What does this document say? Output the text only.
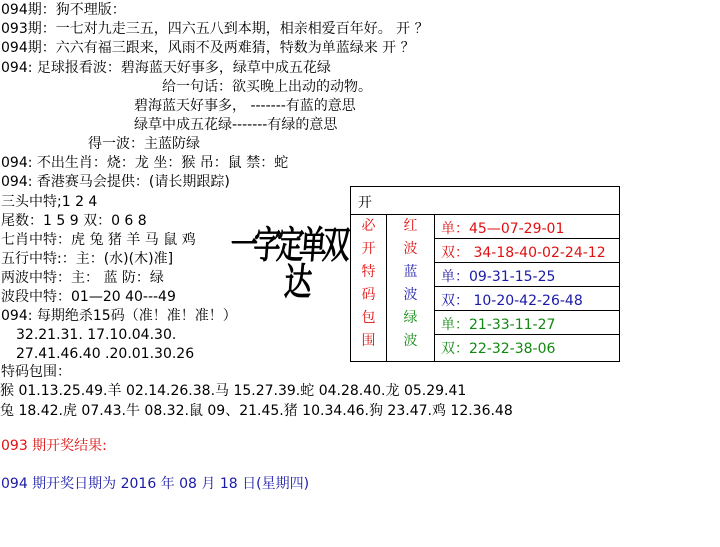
094期：狗不理版：
093期：一七对九走三五，四六五八到本期，相亲相爱百年好。 开 ？
094期：六六有福三跟来，风雨不及两难猜，特数为单蓝绿来 开 ？
094: 足球报看波：碧海蓝天好事多，绿草中成五花绿
给一句话：欲买晚上出动的动物。
碧海蓝天好事多， -------有蓝的意思
绿草中成五花绿-------有绿的意思
得一波：主蓝防绿
094: 不出生肖：烧：龙 坐：猴 吊：鼠 禁：蛇
094: 香港赛马会提供：(请长期跟踪)
三头中特;1 2 4
尾数：1 5 9 双：0 6 8
七肖中特：虎 兔 猪 羊 马 鼠 鸡
五行中特:：主：(水)(木)准]
两波中特：主： 蓝 防：绿
波段中特：01—20 40---49
094: 每期绝杀15码（准！准！准！）
32.21.31. 17.10.04.30.
27.41.46.40 .20.01.30.26
特码包围：
猴 01.13.25.49.羊 02.14.26.38.马 15.27.39.蛇 04.28.40.龙 05.29.41
兔 18.42.虎 07.43.牛 08.32.鼠 09、21.45.猪 10.34.46.狗 23.47.鸡 12.36.48
一字定单双
达
093 期开奖结果:
094 期开奖日期为 2016 年 08 月 18 日(星期四)
开
必
开
特
码
包
围
红
波
蓝
波
绿
波
单：45—07-29-01
双： 34-18-40-02-24-12
单：09-31-15-25
双： 10-20-42-26-48
单：21-33-11-27
双：22-32-38-06
